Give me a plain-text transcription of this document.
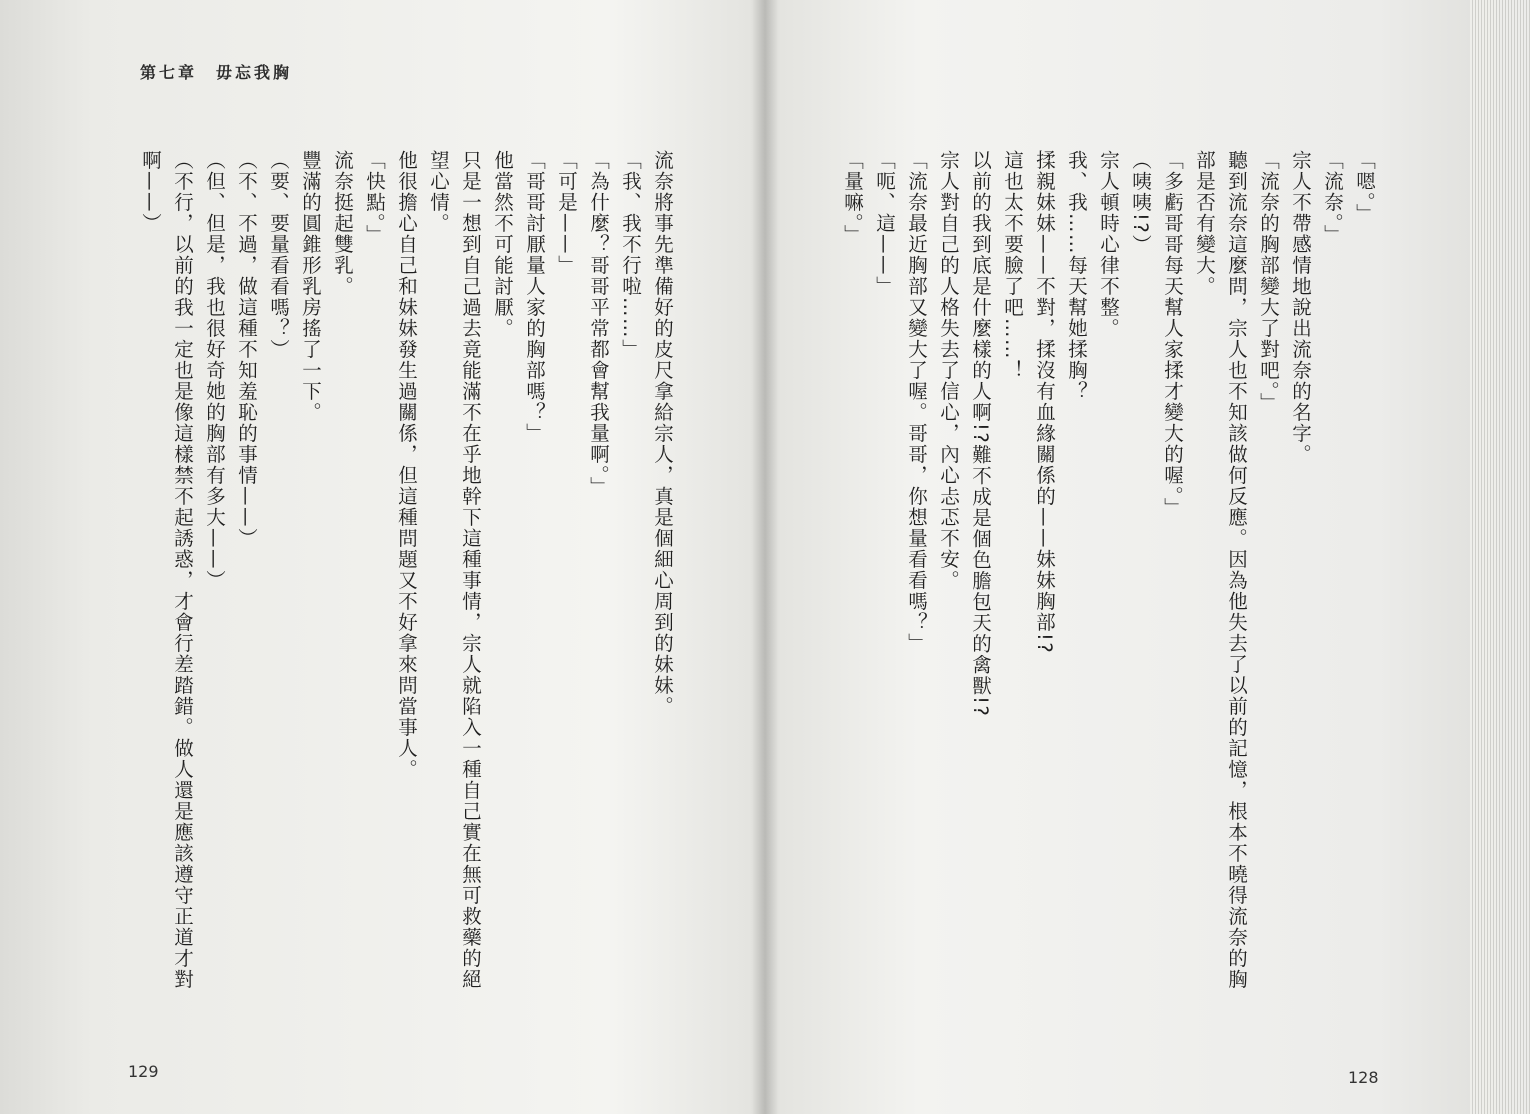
第七章　毋忘我胸

流奈將事先準備好的皮尺拿給宗人，真是個細心周到的妹妹。
「我、我不行啦……」
「為什麼？哥哥平常都會幫我量啊。」
「可是——」
「哥哥討厭量人家的胸部嗎？」
他當然不可能討厭。
只是一想到自己過去竟能滿不在乎地幹下這種事情，宗人就陷入一種自己實在無可救藥的絕
望心情。
他很擔心自己和妹妹發生過關係，但這種問題又不好拿來問當事人。
「快點。」
流奈挺起雙乳。
豐滿的圓錐形乳房搖了一下。
（要、要量看看嗎？）
（不、不過，做這種不知羞恥的事情——）
（但、但是，我也很好奇她的胸部有多大——）
（不行，以前的我一定也是像這樣禁不起誘惑，才會行差踏錯。做人還是應該遵守正道才對
啊——）
129

「嗯。」
「流奈。」
宗人不帶感情地說出流奈的名字。
「流奈的胸部變大了對吧。」
聽到流奈這麼問，宗人也不知該做何反應。因為他失去了以前的記憶，根本不曉得流奈的胸
部是否有變大。
「多虧哥哥每天幫人家揉才變大的喔。」
（咦咦!?）
宗人頓時心律不整。
我、我……每天幫她揉胸？
揉親妹妹——不對，揉沒有血緣關係的——妹妹胸部!?
這也太不要臉了吧……！
以前的我到底是什麼樣的人啊!?難不成是個色膽包天的禽獸!?
宗人對自己的人格失去了信心，內心忐忑不安。
「流奈最近胸部又變大了喔。哥哥，你想量看看嗎？」
「呃、這——」
「量嘛。」
128
